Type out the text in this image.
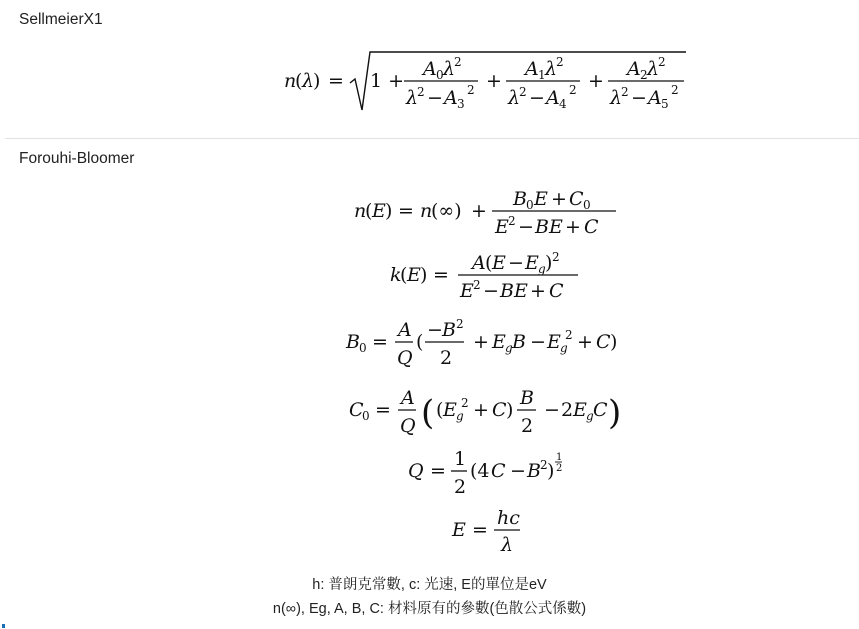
SellmeierX1
n
( λ
) = 1 +
A 0 λ
2
λ
2 − A 3
2 +
A 1 λ
2
λ
2 − A 4
2 +
A 2 λ
2
λ
2 − A 5
2
Forouhi-Bloomer
n
( E ) = n
(∞) +
B 0 E + C 0
E 2 − BE + C
k
( E ) =
A ( E − E g ) 2
E 2 − BE + C
B 0 =
A
Q
(
− B 2
2
+ E g B − E g
2 + C )
C
0 =
A
Q ( ( E g
2 + C )
B
2
− 2 E g C )
Q =
1
2
(4 C − B 2 )
1
2
E =
hc
λ
h: 普朗克常數, c: 光速, E的單位是eV
n(∞), Eg, A, B, C: 材料原有的參數(色散公式係數)
